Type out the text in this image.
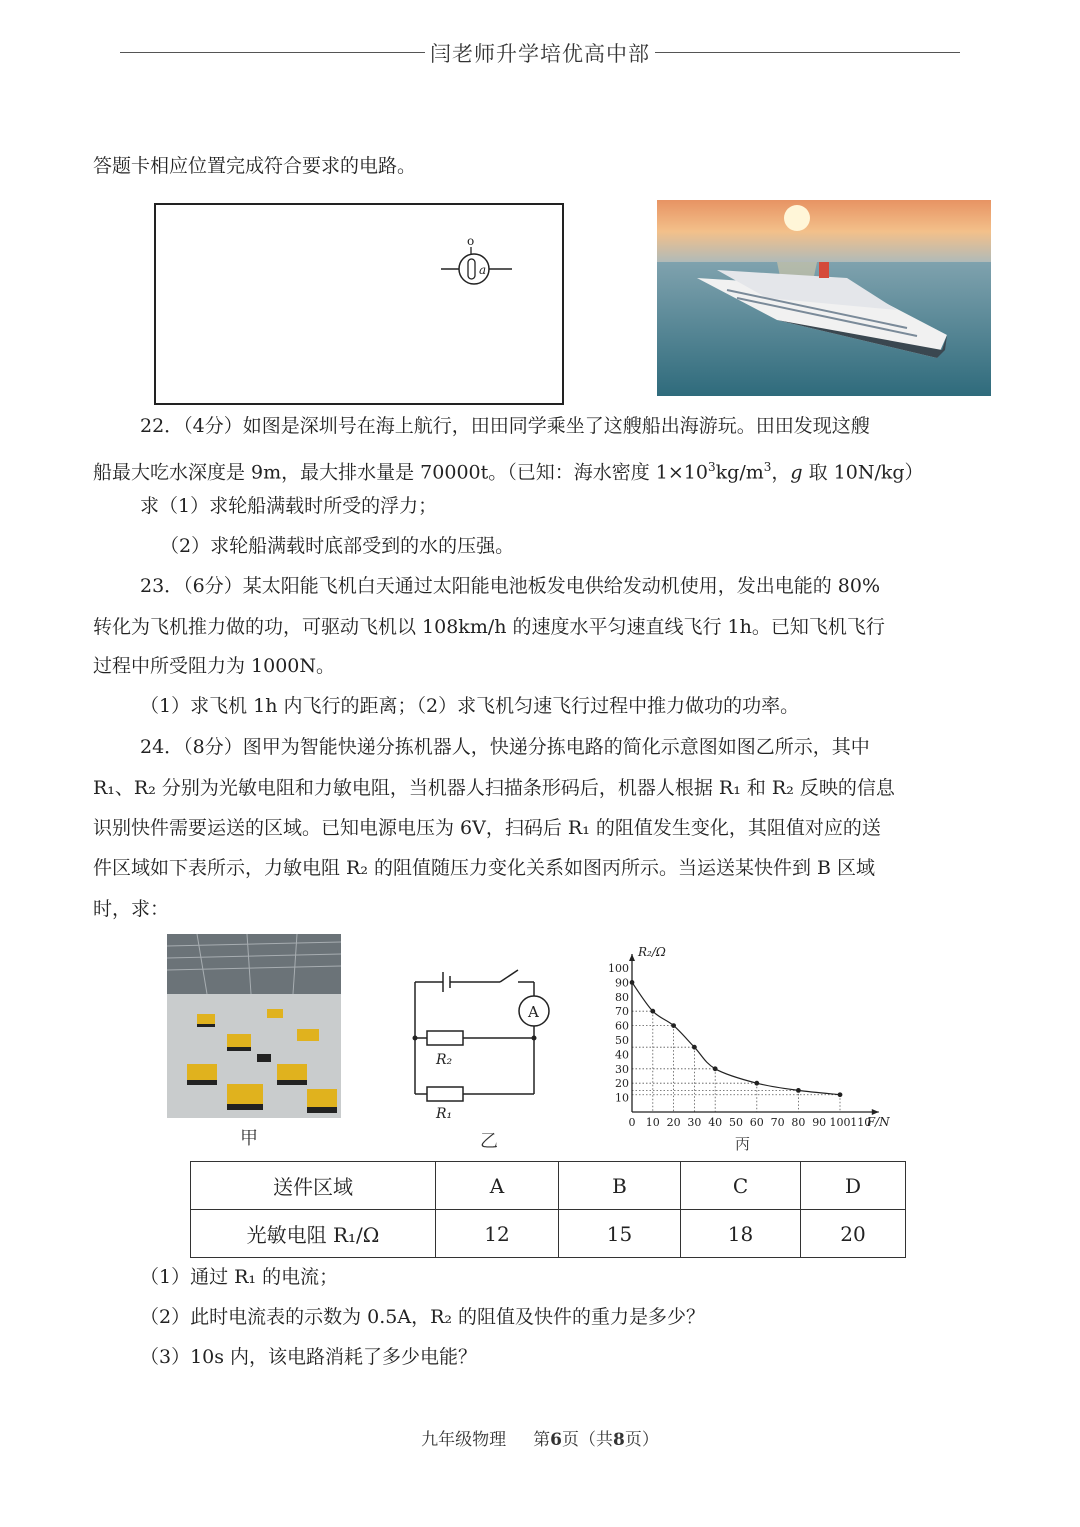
闫老师升学培优高中部
答题卡相应位置完成符合要求的电路。
o
a
22．（4分）如图是深圳号在海上航行，田田同学乘坐了这艘船出海游玩。田田发现这艘
船最大吃水深度是 9m，最大排水量是 70000t。（已知：海水密度 $1\times 10^3kg/m^3$，g 取 10N/kg）
求（1）求轮船满载时所受的浮力；
（2）求轮船满载时底部受到的水的压强。
23．（6分）某太阳能飞机白天通过太阳能电池板发电供给发动机使用，发出电能的 80%
转化为飞机推力做的功，可驱动飞机以 108km/h 的速度水平匀速直线飞行 1h。已知飞机飞行
过程中所受阻力为 1000N。
（1）求飞机 1h 内飞行的距离；（2）求飞机匀速飞行过程中推力做功的功率。
24．（8分）图甲为智能快递分拣机器人，快递分拣电路的简化示意图如图乙所示，其中
R₁、R₂ 分别为光敏电阻和力敏电阻，当机器人扫描条形码后，机器人根据 R₁ 和 R₂ 反映的信息
识别快件需要运送的区域。已知电源电压为 6V，扫码后 R₁ 的阻值发生变化，其阻值对应的送
件区域如下表所示，力敏电阻 R₂ 的阻值随压力变化关系如图丙所示。当运送某快件到 B 区域
时，求：
甲
A
R₂
R₁
乙
0 10 20 30 40 50 60 70 80 90 100 110
10
20
30
40
50
60
70
80
90
100
R₂/Ω
F/N
丙
送件区域	A	B	C	D
光敏电阻 R₁/Ω	12	15	18	20
（1）通过 R₁ 的电流；
（2）此时电流表的示数为 0.5A，R₂ 的阻值及快件的重力是多少？
（3）10s 内，该电路消耗了多少电能？
九年级物理 第6页（共8页）
